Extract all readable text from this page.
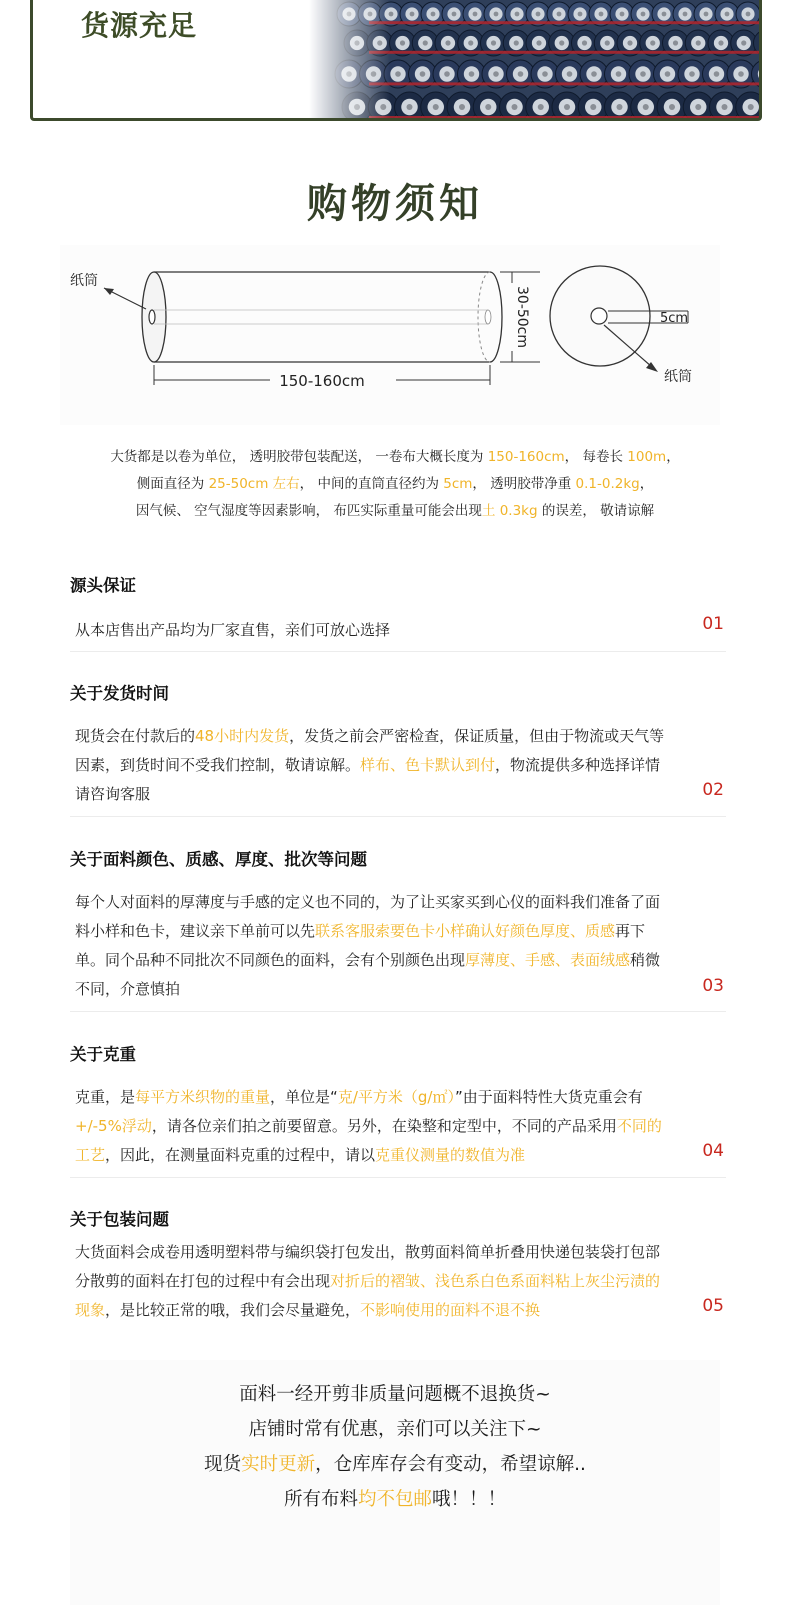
货源充足
购物须知
纸筒
150-160cm
30-50cm	5cm
纸筒
大货都是以卷为单位， 透明胶带包装配送， 一卷布大概长度为 150-160cm， 每卷长 100m，
侧面直径为 25-50cm 左右， 中间的直筒直径约为 5cm， 透明胶带净重 0.1-0.2kg，
因气候、 空气湿度等因素影响， 布匹实际重量可能会出现土 0.3kg 的误差， 敬请谅解
源头保证
从本店售出产品均为厂家直售，亲们可放心选择	01
关于发货时间
现货会在付款后的48小时内发货，发货之前会严密检查，保证质量，但由于物流或天气等因素，到货时间不受我们控制，敬请谅解。样布、色卡默认到付，物流提供多种选择详情请咨询客服	02
关于面料颜色、质感、厚度、批次等问题
每个人对面料的厚薄度与手感的定义也不同的，为了让买家买到心仪的面料我们准备了面料小样和色卡，建议亲下单前可以先联系客服索要色卡小样确认好颜色厚度、质感再下单。同个品种不同批次不同颜色的面料，会有个别颜色出现厚薄度、手感、表面绒感稍微不同，介意慎拍	03
关于克重
克重，是每平方米织物的重量，单位是“克/平方米（g/㎡）”由于面料特性大货克重会有+/-5%浮动，请各位亲们拍之前要留意。另外，在染整和定型中，不同的产品采用不同的工艺，因此，在测量面料克重的过程中，请以克重仪测量的数值为准	04
关于包装问题
大货面料会成卷用透明塑料带与编织袋打包发出，散剪面料简单折叠用快递包装袋打包部分散剪的面料在打包的过程中有会出现对折后的褶皱、浅色系白色系面料粘上灰尘污渍的现象，是比较正常的哦，我们会尽量避免，不影响使用的面料不退不换	05

面料一经开剪非质量问题概不退换货~

店铺时常有优惠，亲们可以关注下~

现货实时更新，仓库库存会有变动，希望谅解..

所有布料均不包邮哦！！！
